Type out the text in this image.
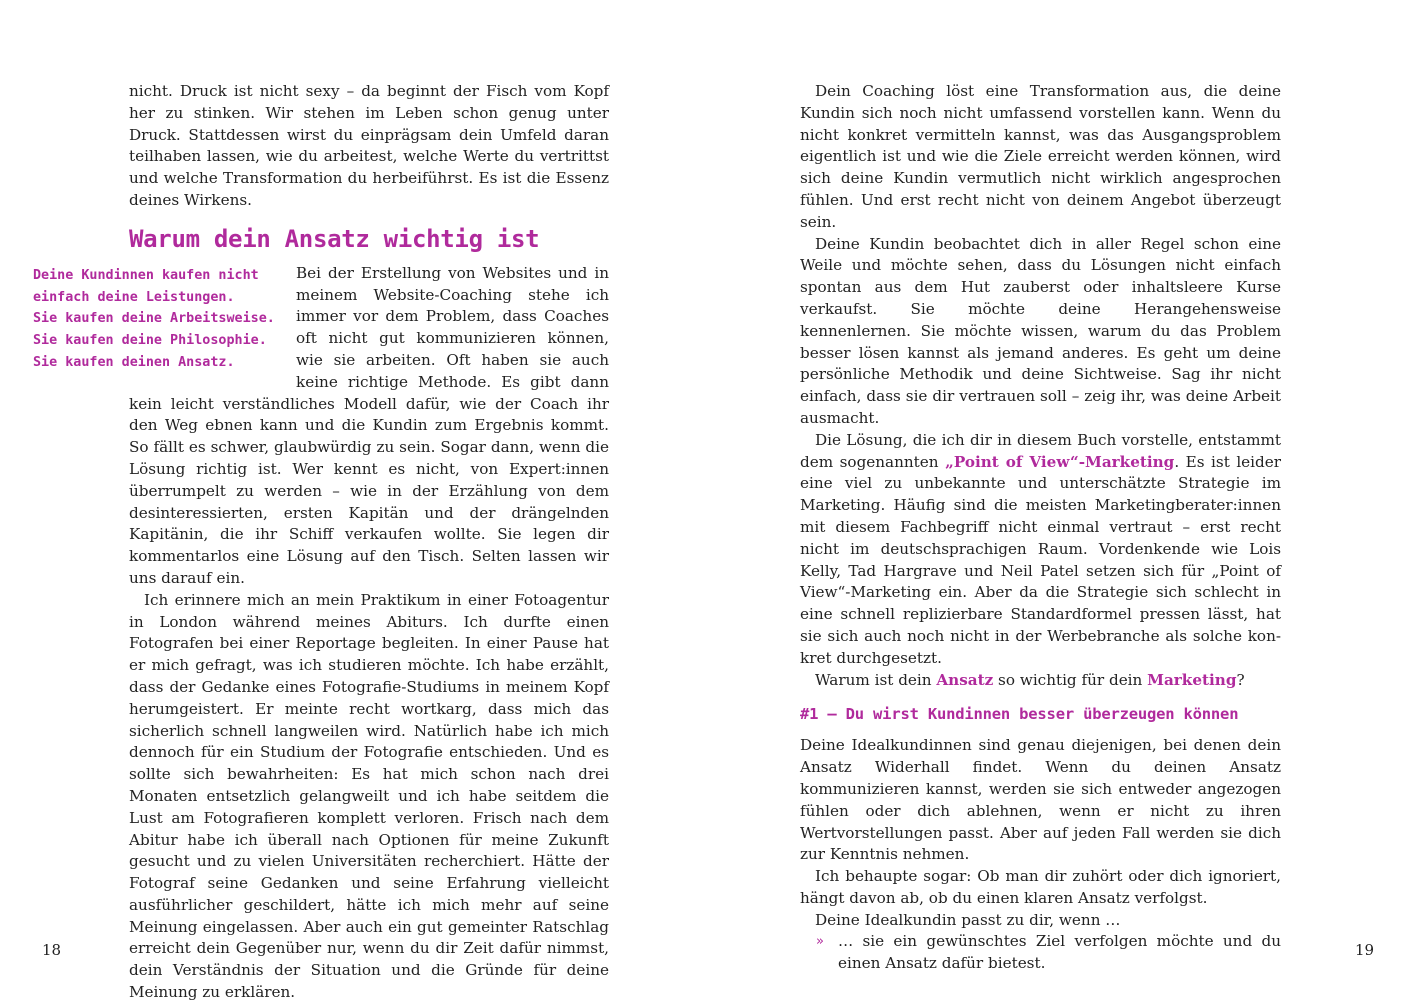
nicht. Druck ist nicht sexy – da beginnt der Fisch vom Kopf her zu stinken. Wir stehen im Leben schon genug unter Druck. Stattdessen wirst du einprägsam dein Umfeld daran teilhaben lassen, wie du arbeitest, welche Werte du vertrittst und welche Transformation du herbeiführst. Es ist die Essenz deines Wirkens.

Warum dein Ansatz wichtig ist
Deine Kundinnen kaufen nicht
einfach deine Leistungen.
Sie kaufen deine Arbeitsweise.
Sie kaufen deine Philosophie.
Sie kaufen deinen Ansatz.

Bei der Erstellung von Websites und in meinem Website-Coaching stehe ich immer vor dem Problem, dass Coaches oft nicht gut kommunizieren können, wie sie arbeiten. Oft haben sie auch keine richtige Methode. Es gibt dann kein leicht verständliches Modell dafür, wie der Coach ihr den Weg ebnen kann und die Kundin zum Ergebnis kommt. So fällt es schwer, glaubwürdig zu sein. Sogar dann, wenn die Lösung richtig ist. Wer kennt es nicht, von Expert:innen überrumpelt zu werden – wie in der Erzählung von dem desinteressierten, ersten Kapitän und der drängelnden Kapitänin, die ihr Schiff verkaufen wollte. Sie legen dir kommentarlos eine Lösung auf den Tisch. Selten lassen wir uns darauf ein.

Ich erinnere mich an mein Praktikum in einer Fotoagentur in London während meines Abiturs. Ich durfte einen Fotografen bei einer Reportage begleiten. In einer Pause hat er mich gefragt, was ich studieren möchte. Ich habe erzählt, dass der Gedanke eines Fotografie-Studiums in meinem Kopf herumgeistert. Er meinte recht wortkarg, dass mich das sicherlich schnell langweilen wird. Natürlich habe ich mich dennoch für ein Studium der Fotografie entschieden. Und es sollte sich bewahrheiten: Es hat mich schon nach drei Monaten entsetzlich gelangweilt und ich habe seitdem die Lust am Fotografieren komplett verloren. Frisch nach dem Abitur habe ich überall nach Optionen für meine Zukunft gesucht und zu vielen Universitäten recherchiert. Hätte der Fotograf seine Gedanken und seine Erfahrung vielleicht ausführlicher geschildert, hätte ich mich mehr auf seine Meinung eingelassen. Aber auch ein gut gemeinter Ratschlag erreicht dein Gegenüber nur, wenn du dir Zeit dafür nimmst, dein Verständnis der Situation und die Gründe für deine Meinung zu erklären.

18

Dein Coaching löst eine Transformation aus, die deine Kundin sich noch nicht umfassend vorstellen kann. Wenn du nicht konkret vermitteln kannst, was das Ausgangsproblem eigentlich ist und wie die Ziele erreicht werden können, wird sich deine Kundin vermutlich nicht wirklich angesprochen fühlen. Und erst recht nicht von deinem Angebot überzeugt sein.

Deine Kundin beobachtet dich in aller Regel schon eine Weile und möchte sehen, dass du Lösungen nicht einfach spontan aus dem Hut zauberst oder inhaltsleere Kurse verkaufst. Sie möchte deine Herangehensweise kennenlernen. Sie möchte wissen, warum du das Problem besser lösen kannst als jemand anderes. Es geht um deine persönliche Methodik und deine Sichtweise. Sag ihr nicht einfach, dass sie dir vertrauen soll – zeig ihr, was deine Arbeit ausmacht.

Die Lösung, die ich dir in diesem Buch vorstelle, entstammt dem sogenannten „Point of View“-Marketing. Es ist leider eine viel zu unbekannte und unterschätzte Strategie im Marketing. Häufig sind die meisten Marketingberater:innen mit diesem Fachbegriff nicht einmal vertraut – erst recht nicht im deutschsprachigen Raum. Vordenkende wie Lois Kelly, Tad Hargrave und Neil Patel setzen sich für „Point of View“-Marketing ein. Aber da die Strategie sich schlecht in eine schnell replizierbare Standardformel pressen lässt, hat sie sich auch noch nicht in der Werbebranche als solche konkret durchgesetzt.

Warum ist dein Ansatz so wichtig für dein Marketing?

#1 – Du wirst Kundinnen besser überzeugen können

Deine Idealkundinnen sind genau diejenigen, bei denen dein Ansatz Widerhall findet. Wenn du deinen Ansatz kommunizieren kannst, werden sie sich entweder angezogen fühlen oder dich ablehnen, wenn er nicht zu ihren Wertvorstellungen passt. Aber auf jeden Fall werden sie dich zur Kenntnis nehmen.

Ich behaupte sogar: Ob man dir zuhört oder dich ignoriert, hängt davon ab, ob du einen klaren Ansatz verfolgst.

Deine Idealkundin passt zu dir, wenn …

» … sie ein gewünschtes Ziel verfolgen möchte und du einen Ansatz dafür bietest.

19
